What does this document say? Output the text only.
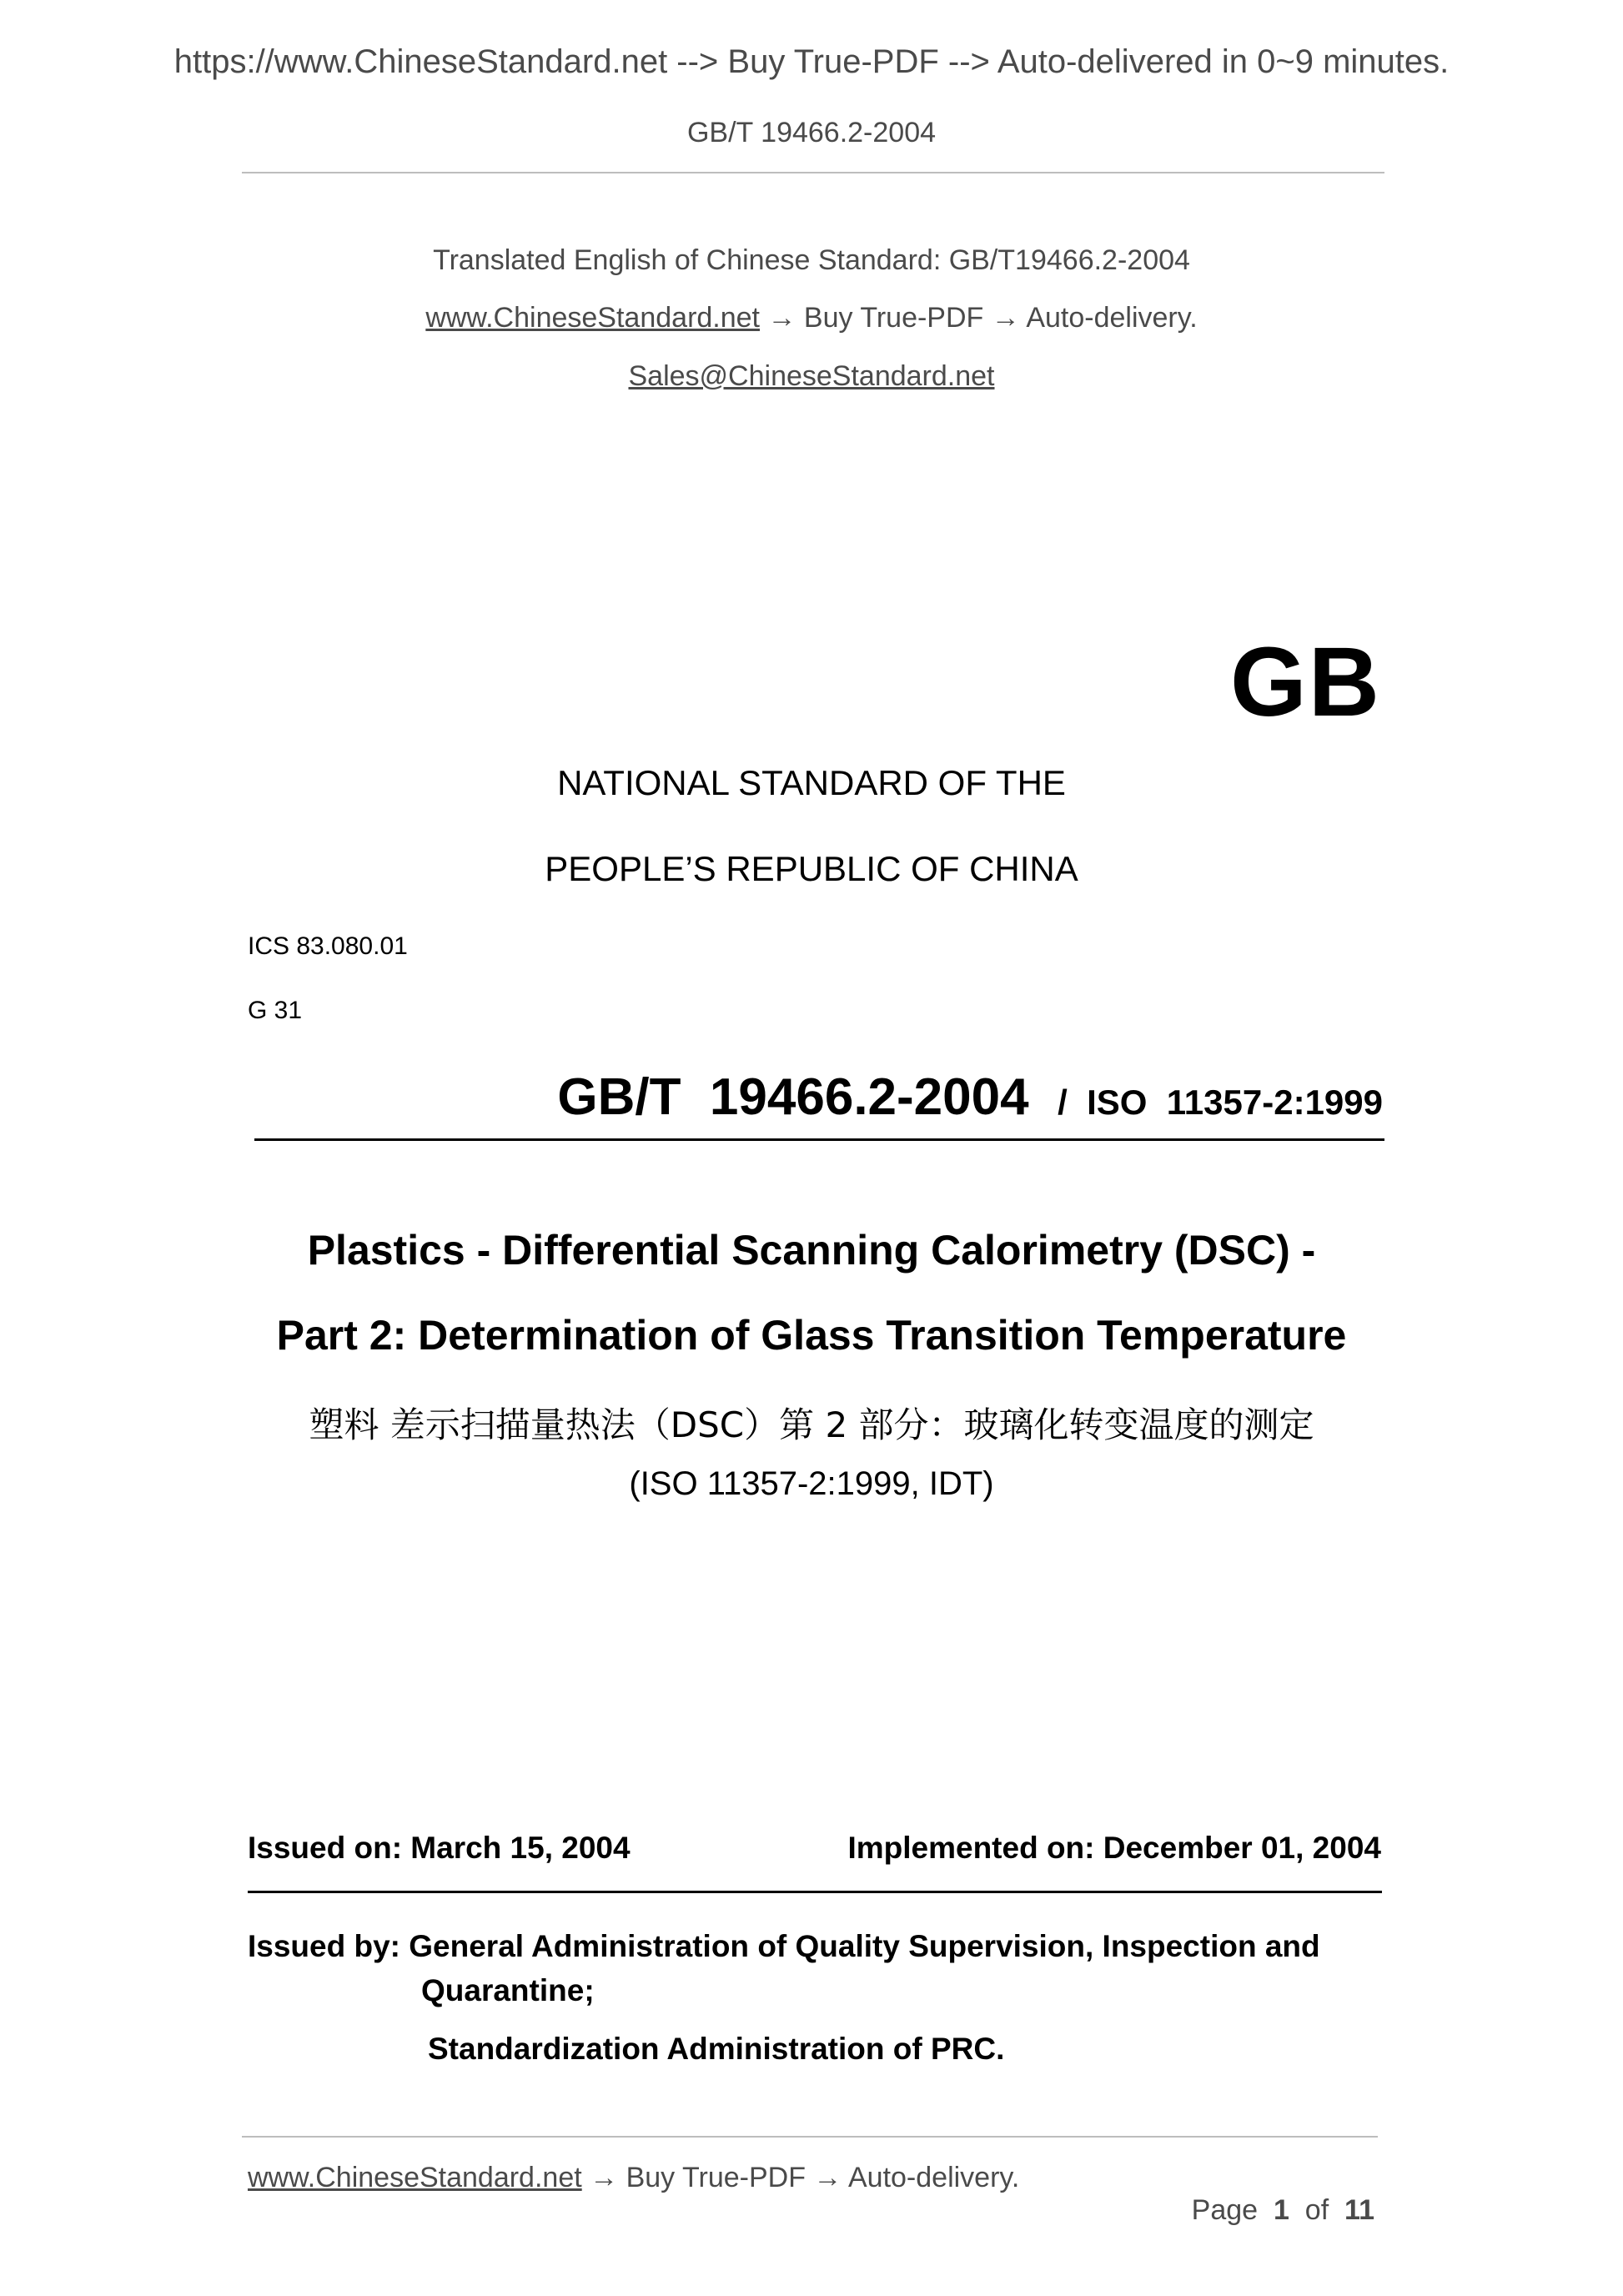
https://www.ChineseStandard.net --> Buy True-PDF --> Auto-delivered in 0~9 minutes.
GB/T 19466.2-2004
Translated English of Chinese Standard: GB/T19466.2-2004
www.ChineseStandard.net → Buy True-PDF → Auto-delivery.
Sales@ChineseStandard.net
GB
NATIONAL STANDARD OF THE
PEOPLE’S REPUBLIC OF CHINA
ICS 83.080.01
G 31

GB/T  19466.2-2004 /  ISO  11357-2:1999

Plastics - Differential Scanning Calorimetry (DSC) -
Part 2: Determination of Glass Transition Temperature
塑料 差示扫描量热法（DSC）第 2 部分：玻璃化转变温度的测定
(ISO 11357-2:1999, IDT)
Issued on: March 15, 2004	Implemented on: December 01, 2004
Issued by: General Administration of Quality Supervision, Inspection and
Quarantine;
Standardization Administration of PRC.
www.ChineseStandard.net → Buy True-PDF → Auto-delivery.

Page 1 of 11
